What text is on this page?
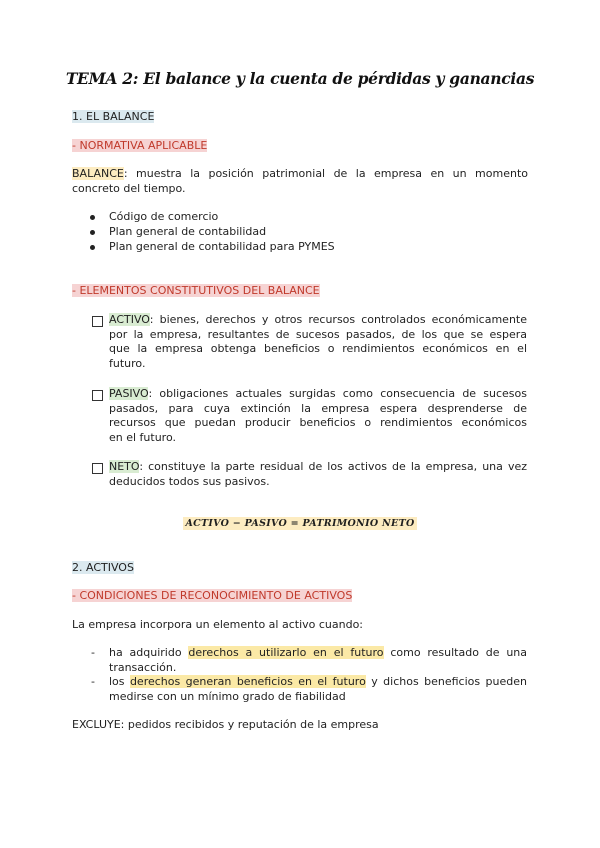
TEMA 2: El balance y la cuenta de pérdidas y ganancias
1. EL BALANCE
- NORMATIVA APLICABLE
BALANCE: muestra la posición patrimonial de la empresa en un momento
concreto del tiempo.
Código de comercio
Plan general de contabilidad
Plan general de contabilidad para PYMES
- ELEMENTOS CONSTITUTIVOS DEL BALANCE
ACTIVO: bienes, derechos y otros recursos controlados económicamente
por la empresa, resultantes de sucesos pasados, de los que se espera
que la empresa obtenga beneficios o rendimientos económicos en el
futuro.
PASIVO: obligaciones actuales surgidas como consecuencia de sucesos
pasados, para cuya extinción la empresa espera desprenderse de
recursos que puedan producir beneficios o rendimientos económicos
en el futuro.
NETO: constituye la parte residual de los activos de la empresa, una vez
deducidos todos sus pasivos.
ACTIVO − PASIVO = PATRIMONIO NETO
2. ACTIVOS
- CONDICIONES DE RECONOCIMIENTO DE ACTIVOS
La empresa incorpora un elemento al activo cuando:
- ha adquirido derechos a utilizarlo en el futuro como resultado de una
transacción.
- los derechos generan beneficios en el futuro y dichos beneficios pueden
medirse con un mínimo grado de fiabilidad
EXCLUYE: pedidos recibidos y reputación de la empresa
